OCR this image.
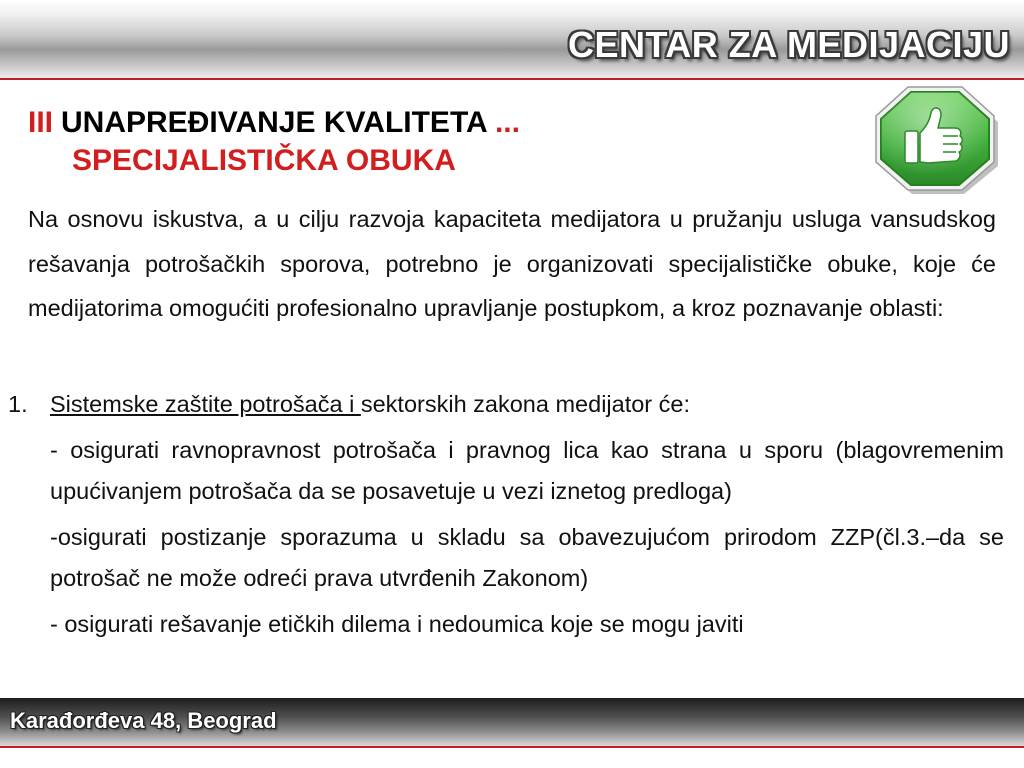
CENTAR ZA MEDIJACIJU
III UNAPREĐIVANJE KVALITETA ...
SPECIJALISTIČKA OBUKA
Na osnovu iskustva, a u cilju razvoja kapaciteta medijatora u pružanju usluga vansudskog rešavanja potrošačkih sporova, potrebno je organizovati specijalističke obuke, koje će medijatorima omogućiti profesionalno upravljanje postupkom, a kroz poznavanje oblasti:
1. Sistemske zaštite potrošača i sektorskih zakona medijator će:
- osigurati ravnopravnost potrošača i pravnog lica kao strana u sporu (blagovremenim upućivanjem potrošača da se posavetuje u vezi iznetog predloga)
-osigurati postizanje sporazuma u skladu sa obavezujućom prirodom ZZP(čl.3.–da se potrošač ne može odreći prava utvrđenih Zakonom)
- osigurati rešavanje etičkih dilema i nedoumica koje se mogu javiti
Karađorđeva 48, Beograd
